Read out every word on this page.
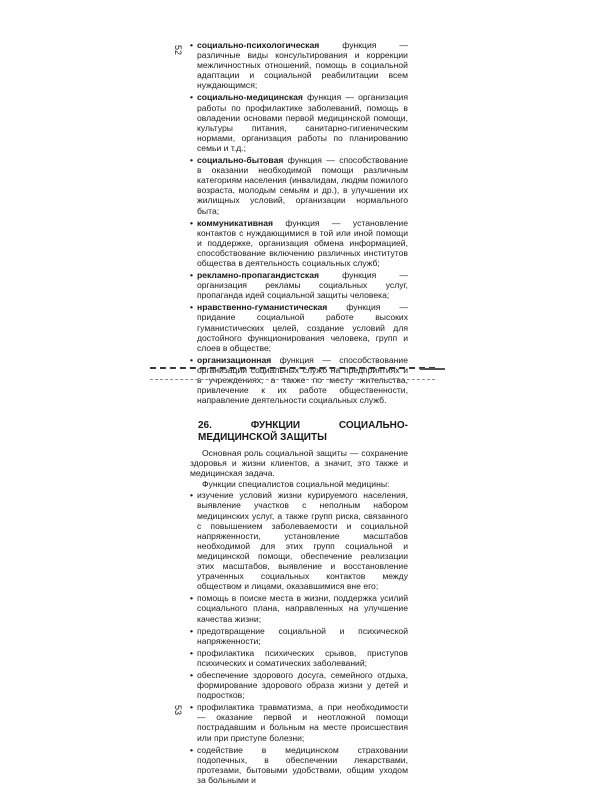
52 • социально-психологическая функция — различные виды консультирования и коррекции межличностных отношений, помощь в социальной адаптации и социальной реабилитации всем нуждающимся;
• социально-медицинская функция — организация работы по профилактике заболеваний, помощь в овладении основами первой медицинской помощи, культуры питания, санитарно-гигиеническим нормами, организация работы по планированию семьи и т.д.;
• социально-бытовая функция — способствование в оказании необходимой помощи различным категориям населения (инвалидам, людям пожилого возраста, молодым семьям и др.), в улучшении их жилищных условий, организации нормального быта;
• коммуникативная функция — установление контактов с нуждающимися в той или иной помощи и поддержке, организация обмена информацией, способствование включению различных институтов общества в деятельность социальных служб;
• рекламно-пропагандистская функция — организация рекламы социальных услуг, пропаганда идей социальной защиты человека;
• нравственно-гуманистическая функция — придание социальной работе высоких гуманистических целей, создание условий для достойного функционирования человека, групп и слоев в обществе;
• организационная функция — способствование организации социальных служб на предприятиях и в учреждениях, а также по месту жительства, привлечение к их работе общественности, направление деятельности социальных служб.
26. ФУНКЦИИ СОЦИАЛЬНО-МЕДИЦИНСКОЙ ЗАЩИТЫ
Основная роль социальной защиты — сохранение здоровья и жизни клиентов, а значит, это также и медицинская задача.
Функции специалистов социальной медицины:
• изучение условий жизни курируемого населения, выявление участков с неполным набором медицинских услуг, а также групп риска, связанного с повышением заболеваемости и социальной напряженности, установление масштабов необходимой для этих групп социальной и медицинской помощи, обеспечение реализации этих масштабов, выявление и восстановление утраченных социальных контактов между обществом и лицами, оказавшимися вне его;
• помощь в поиске места в жизни, поддержка усилий социального плана, направленных на улучшение качества жизни;
• предотвращение социальной и психической напряженности;
• профилактика психических срывов, приступов психических и соматических заболеваний;
• обеспечение здорового досуга, семейного отдыха, формирование здорового образа жизни у детей и подростков;
• профилактика травматизма, а при необходимости — оказание первой и неотложной помощи пострадавшим и больным на месте происшествия или при приступе болезни;
• содействие в медицинском страховании подопечных, в обеспечении лекарствами, протезами, бытовыми удобствами, общим уходом за больными и
53
